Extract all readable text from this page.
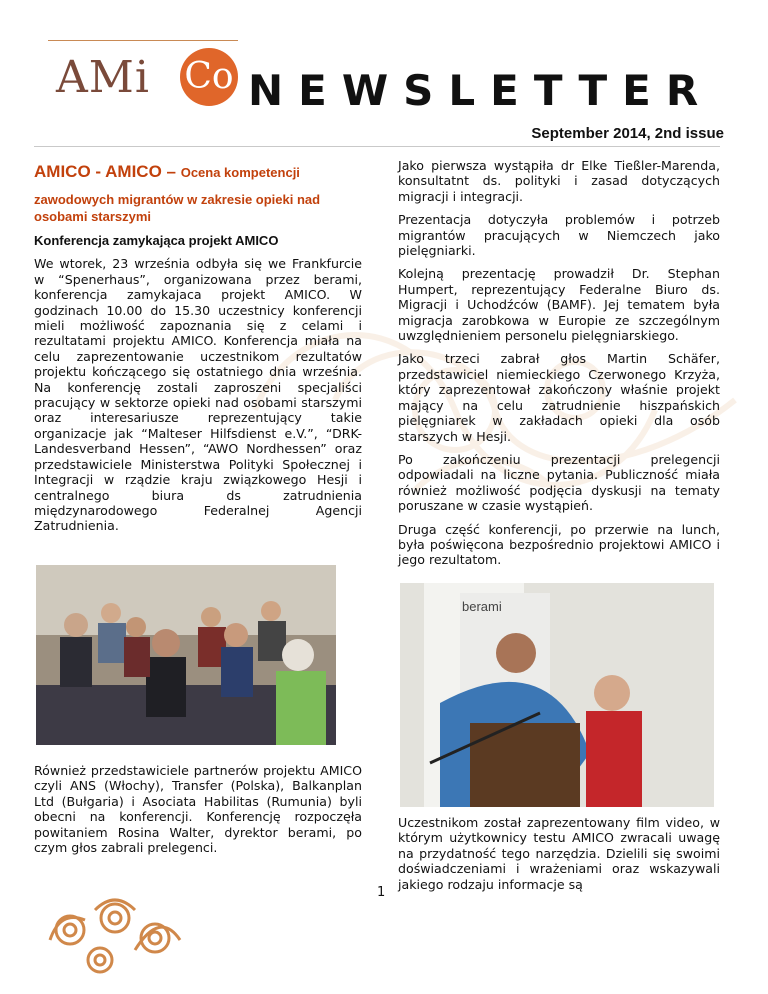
AMi Co NEWSLETTER
September 2014, 2nd issue

AMICO - AMICO – Ocena kompetencji

zawodowych migrantów w zakresie opieki nad osobami starszymi

Konferencja zamykająca projekt AMICO

We wtorek, 23 września odbyła się we Frankfurcie w “Spenerhaus”, organizowana przez berami, konferencja zamykajaca projekt AMICO. W godzinach 10.00 do 15.30 uczestnicy konferencji mieli możliwość zapoznania się z celami i rezultatami projektu AMICO. Konferencja miała na celu zaprezentowanie uczestnikom rezultatów projektu kończącego się ostatniego dnia września. Na konferencję zostali zaproszeni specjaliści pracujący w sektorze opieki nad osobami starszymi oraz interesariusze reprezentujący takie organizacje jak “Malteser Hilfsdienst e.V.”, “DRK-Landesverband Hessen”, “AWO Nordhessen” oraz przedstawiciele Ministerstwa Polityki Społecznej i Integracji w rządzie kraju związkowego Hesji i centralnego biura ds zatrudnienia międzynarodowego Federalnej Agencji Zatrudnienia.

Jako pierwsza wystąpiła dr Elke Tießler-Marenda, konsultatnt ds. polityki i zasad dotyczących migracji i integracji.

Prezentacja dotyczyła problemów i potrzeb migrantów pracujących w Niemczech jako pielęgniarki.

Kolejną prezentację prowadził Dr. Stephan Humpert, reprezentujący Federalne Biuro ds. Migracji i Uchodźców (BAMF). Jej tematem była migracja zarobkowa w Europie ze szczególnym uwzględnieniem personelu pielęgniarskiego.

Jako trzeci zabrał głos Martin Schäfer, przedstawiciel niemieckiego Czerwonego Krzyża, który zaprezentował zakończony właśnie projekt mający na celu zatrudnienie hiszpańskich pielęgniarek w zakładach opieki dla osób starszych w Hesji.

Po zakończeniu prezentacji prelegencji odpowiadali na liczne pytania. Publiczność miała również możliwość podjęcia dyskusji na tematy poruszane w czasie wystąpień.

Druga część konferencji, po przerwie na lunch, była poświęcona bezpośrednio projektowi AMICO i jego rezultatom.

berami
Również przedstawiciele partnerów projektu AMICO czyli ANS (Włochy), Transfer (Polska), Balkanplan Ltd (Bułgaria) i Asociata Habilitas (Rumunia) byli obecni na konferencji. Konferencję rozpoczęła powitaniem Rosina Walter, dyrektor berami, po czym głos zabrali prelegenci.
Uczestnikom został zaprezentowany film video, w którym użytkownicy testu AMICO zwracali uwagę na przydatność tego narzędzia. Dzielili się swoimi doświadczeniami i wrażeniami oraz wskazywali jakiego rodzaju informacje są
1
